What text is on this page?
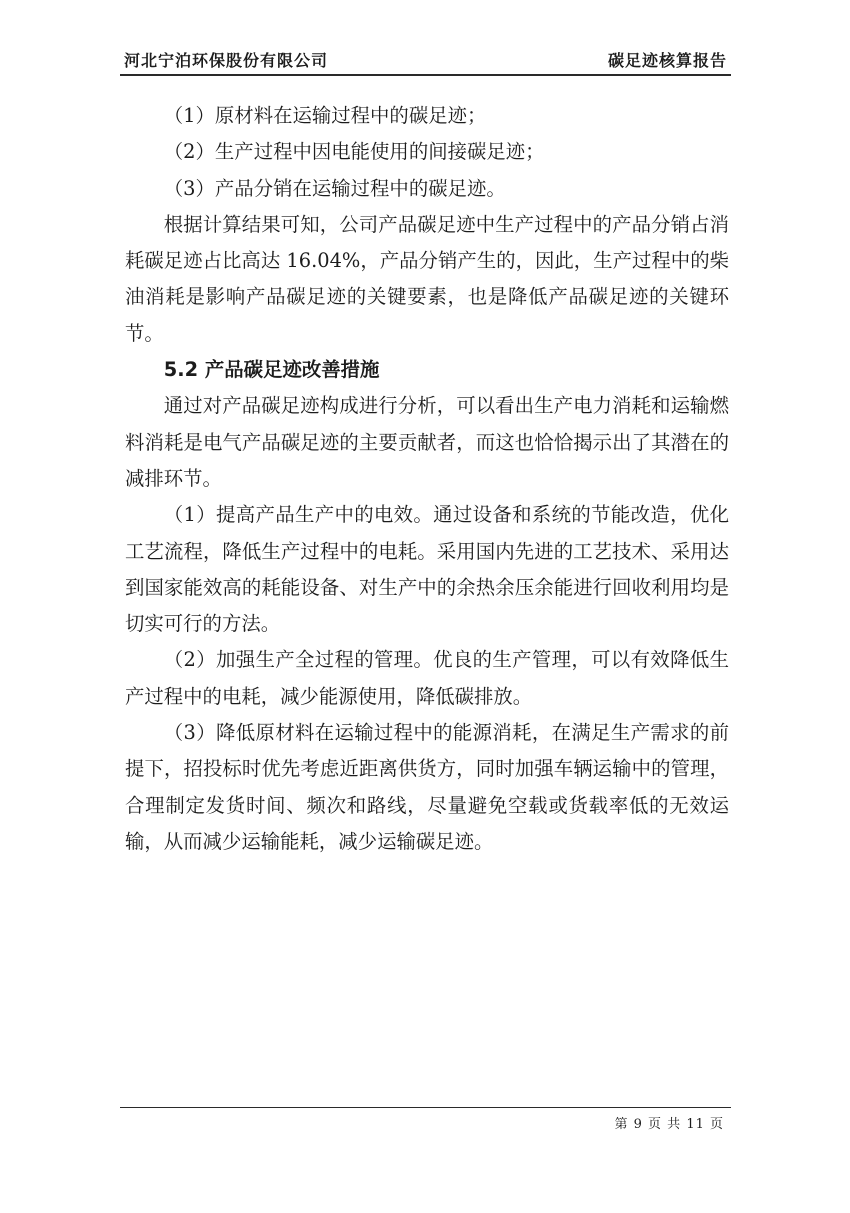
河北宁泊环保股份有限公司	碳足迹核算报告

（1）原材料在运输过程中的碳足迹；

（2）生产过程中因电能使用的间接碳足迹；

（3）产品分销在运输过程中的碳足迹。

根据计算结果可知，公司产品碳足迹中生产过程中的产品分销占消耗碳足迹占比高达 16.04%，产品分销产生的，因此，生产过程中的柴油消耗是影响产品碳足迹的关键要素，也是降低产品碳足迹的关键环节。

5.2 产品碳足迹改善措施

通过对产品碳足迹构成进行分析，可以看出生产电力消耗和运输燃料消耗是电气产品碳足迹的主要贡献者，而这也恰恰揭示出了其潜在的减排环节。

（1）提高产品生产中的电效。通过设备和系统的节能改造，优化工艺流程，降低生产过程中的电耗。采用国内先进的工艺技术、采用达到国家能效高的耗能设备、对生产中的余热余压余能进行回收利用均是切实可行的方法。

（2）加强生产全过程的管理。优良的生产管理，可以有效降低生产过程中的电耗，减少能源使用，降低碳排放。

（3）降低原材料在运输过程中的能源消耗，在满足生产需求的前提下，招投标时优先考虑近距离供货方，同时加强车辆运输中的管理，合理制定发货时间、频次和路线，尽量避免空载或货载率低的无效运输，从而减少运输能耗，减少运输碳足迹。

第 9 页 共 11 页
